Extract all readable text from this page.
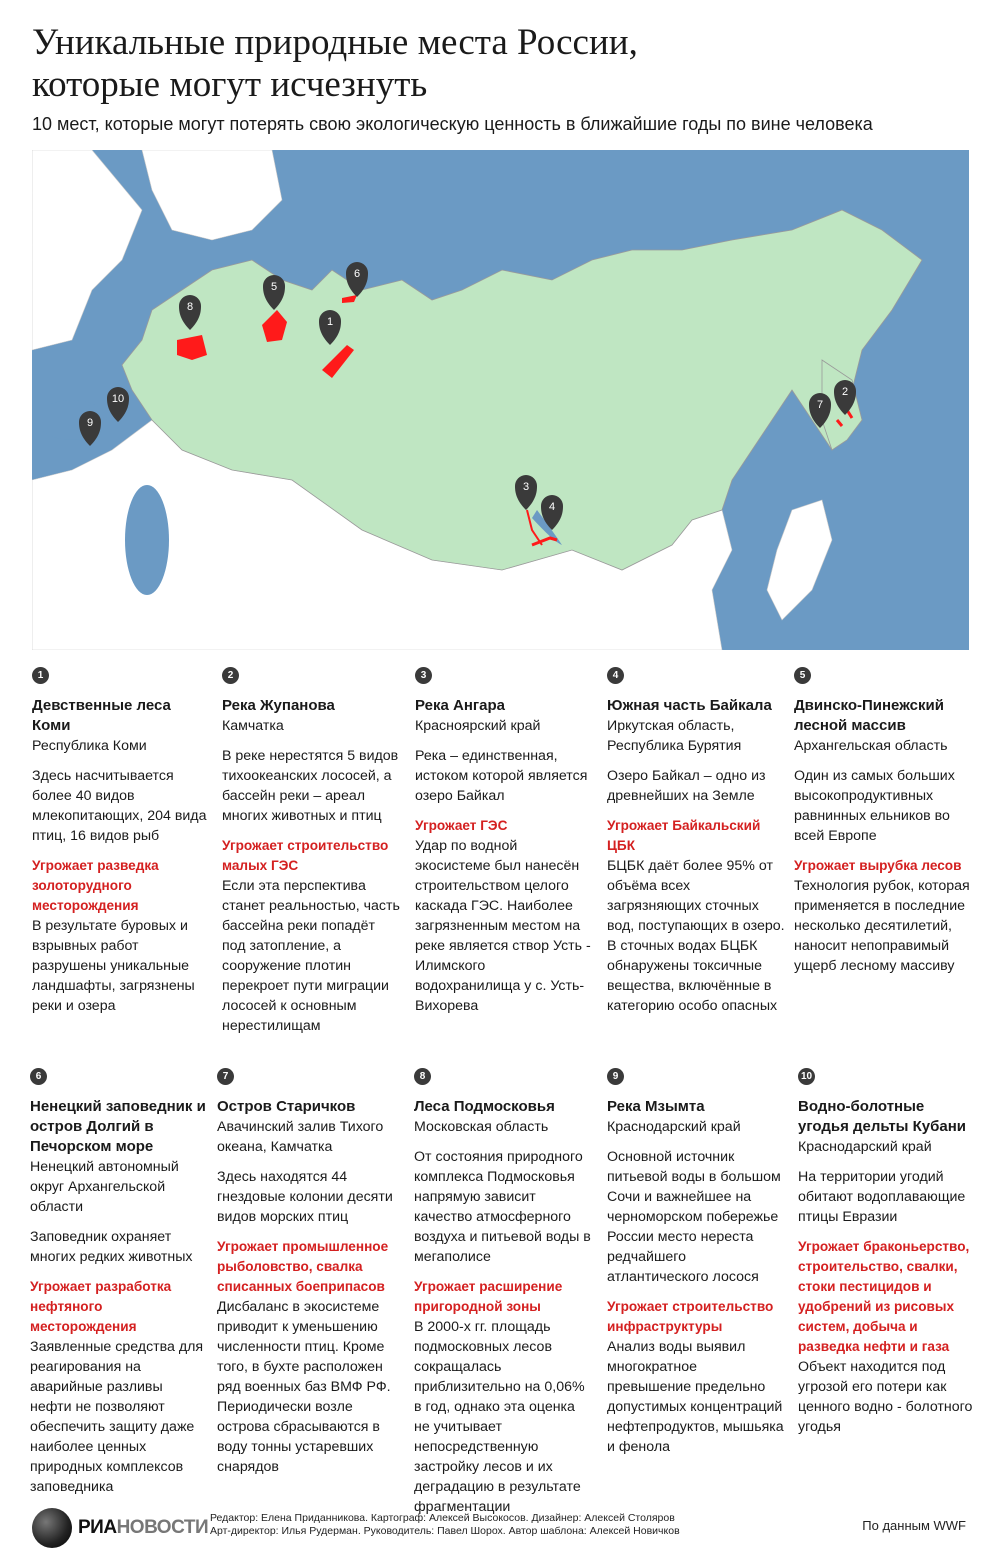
Уникальные природные места России,
которые могут исчезнуть
10 мест, которые могут потерять свою экологическую ценность в ближайшие годы по вине человека
1
2
3
4
5
6
7
8
9
10
1
Девственные леса Коми
Республика Коми
Здесь насчитывается более 40 видов млекопитающих, 204 вида птиц, 16 видов рыб
Угрожает разведка золоторудного месторождения
В результате буровых и взрывных работ разрушены уникальные ландшафты, загрязнены реки и озера
2
Река Жупанова
Камчатка
В реке нерестятся 5 видов тихоокеанских лососей, а бассейн реки – ареал многих животных и птиц
Угрожает строительство малых ГЭС
Если эта перспектива станет реальностью, часть бассейна реки попадёт под затопление, а сооружение плотин перекроет пути миграции лососей к основным нерестилищам
3
Река Ангара
Красноярский край
Река – единственная, истоком которой является озеро Байкал
Угрожает ГЭС
Удар по водной экосистеме был нанесён строительством целого каскада ГЭС. Наиболее загрязненным местом на реке является створ Усть - Илимского водохранилища у с. Усть-Вихорева
4
Южная часть Байкала
Иркутская область, Республика Бурятия
Озеро Байкал – одно из древнейших на Земле
Угрожает Байкальский ЦБК
БЦБК даёт более 95% от объёма всех загрязняющих сточных вод, поступающих в озеро. В сточных водах БЦБК обнаружены токсичные вещества, включённые в категорию особо опасных
5
Двинско-Пинежский лесной массив
Архангельская область
Один из самых больших высокопродуктивных равнинных ельников во всей Европе
Угрожает вырубка лесов
Технология рубок, которая применяется в последние несколько десятилетий, наносит непоправимый ущерб лесному массиву
6
Ненецкий заповедник и остров Долгий в Печорском море
Ненецкий автономный округ Архангельской области
Заповедник охраняет многих редких животных
Угрожает разработка нефтяного месторождения
Заявленные средства для реагирования на аварийные разливы нефти не позволяют обеспечить защиту даже наиболее ценных природных комплексов заповедника
7
Остров Старичков
Авачинский залив Тихого океана, Камчатка
Здесь находятся 44 гнездовые колонии десяти видов морских птиц
Угрожает промышленное рыболовство, свалка списанных боеприпасов
Дисбаланс в экосистеме приводит к уменьшению численности птиц. Кроме того, в бухте расположен ряд военных баз ВМФ РФ. Периодически возле острова сбрасываются в воду тонны устаревших снарядов
8
Леса Подмосковья
Московская область
От состояния природного комплекса Подмосковья напрямую зависит качество атмосферного воздуха и питьевой воды в мегаполисе
Угрожает расширение пригородной зоны
В 2000-х гг. площадь подмосковных лесов сокращалась приблизительно на 0,06% в год, однако эта оценка не учитывает непосредственную застройку лесов и их деградацию в результате фрагментации
9
Река Мзымта
Краснодарский край
Основной источник питьевой воды в большом Сочи и важнейшее на черноморском побережье России место нереста редчайшего атлантического лосося
Угрожает строительство инфраструктуры
Анализ воды выявил многократное превышение предельно допустимых концентраций нефтепродуктов, мышьяка и фенола
10
Водно-болотные угодья дельты Кубани
Краснодарский край
На территории угодий обитают водоплавающие птицы Евразии
Угрожает браконьерство, строительство, свалки, стоки пестицидов и удобрений из рисовых систем, добыча и разведка нефти и газа
Объект находится под угрозой его потери как ценного водно - болотного угодья
РИАНОВОСТИ Редактор: Елена Приданникова. Картограф: Алексей Высокосов. Дизайнер: Алексей Столяров
Арт-директор: Илья Рудерман. Руководитель: Павел Шорох. Автор шаблона: Алексей Новичков	По данным WWF
